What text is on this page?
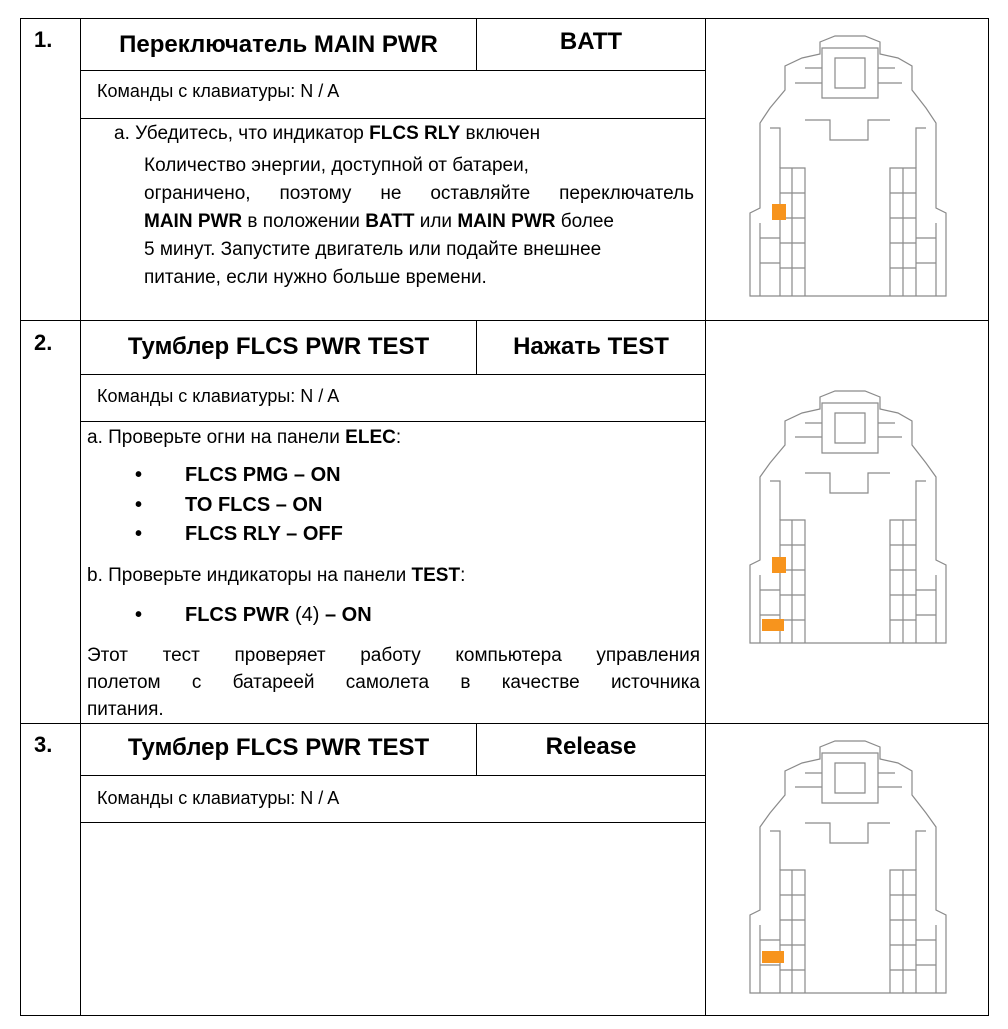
1.	Переключатель MAIN PWR	BATT
Команды с клавиатуры: N / A
a. Убедитесь, что индикатор FLCS RLY включен
Количество энергии, доступной от батареи,
ограничено, поэтому не оставляйте переключатель
MAIN PWR в положении BATT или MAIN PWR более
5 минут. Запустите двигатель или подайте внешнее
питание, если нужно больше времени.
2.	Тумблер FLCS PWR TEST	Нажать TEST
Команды с клавиатуры: N / A
a. Проверьте огни на панели ELEC:
• FLCS PMG – ON
• TO FLCS – ON
• FLCS RLY – OFF
b. Проверьте индикаторы на панели TEST:
• FLCS PWR (4) – ON
Этот тест проверяет работу компьютера управления
полетом с батареей самолета в качестве источника
питания.
3.	Тумблер FLCS PWR TEST	Release
Команды с клавиатуры: N / A
